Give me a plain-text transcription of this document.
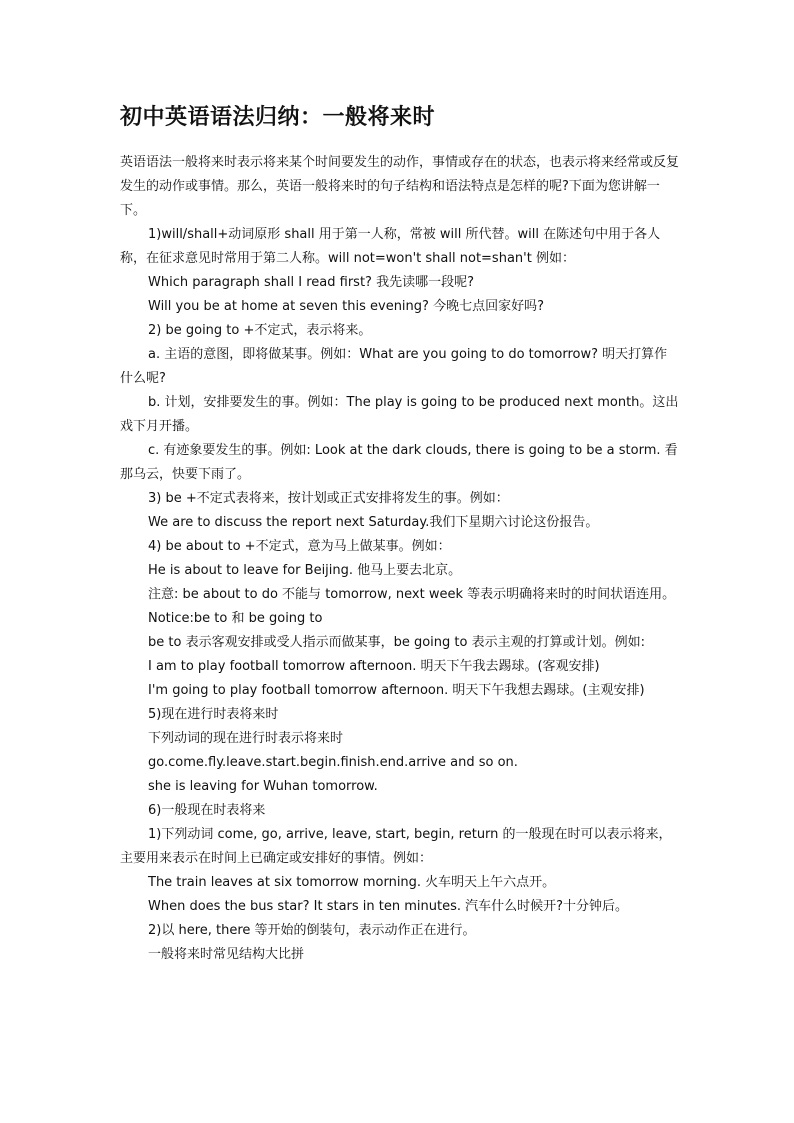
初中英语语法归纳：一般将来时

英语语法一般将来时表示将来某个时间要发生的动作，事情或存在的状态，也表示将来经常或反复发生的动作或事情。那么，英语一般将来时的句子结构和语法特点是怎样的呢?下面为您讲解一下。

1)will/shall+动词原形 shall 用于第一人称，常被 will 所代替。will 在陈述句中用于各人称，在征求意见时常用于第二人称。will not=won't shall not=shan't 例如：

Which paragraph shall I read first? 我先读哪一段呢?

Will you be at home at seven this evening? 今晚七点回家好吗?

2) be going to +不定式，表示将来。

a. 主语的意图，即将做某事。例如：What are you going to do tomorrow? 明天打算作什么呢?

b. 计划，安排要发生的事。例如：The play is going to be produced next month。这出戏下月开播。

c. 有迹象要发生的事。例如: Look at the dark clouds, there is going to be a storm. 看那乌云，快要下雨了。

3) be +不定式表将来，按计划或正式安排将发生的事。例如：

We are to discuss the report next Saturday.我们下星期六讨论这份报告。

4) be about to +不定式，意为马上做某事。例如：

He is about to leave for Beijing. 他马上要去北京。

注意: be about to do 不能与 tomorrow, next week 等表示明确将来时的时间状语连用。

Notice:be to 和 be going to

be to 表示客观安排或受人指示而做某事，be going to 表示主观的打算或计划。例如:

I am to play football tomorrow afternoon. 明天下午我去踢球。(客观安排)

I'm going to play football tomorrow afternoon. 明天下午我想去踢球。(主观安排)

5)现在进行时表将来时

下列动词的现在进行时表示将来时

go.come.fly.leave.start.begin.finish.end.arrive and so on.

she is leaving for Wuhan tomorrow.

6)一般现在时表将来

1)下列动词 come, go, arrive, leave, start, begin, return 的一般现在时可以表示将来，主要用来表示在时间上已确定或安排好的事情。例如：

The train leaves at six tomorrow morning. 火车明天上午六点开。

When does the bus star? It stars in ten minutes. 汽车什么时候开?十分钟后。

2)以 here, there 等开始的倒装句，表示动作正在进行。

一般将来时常见结构大比拼
